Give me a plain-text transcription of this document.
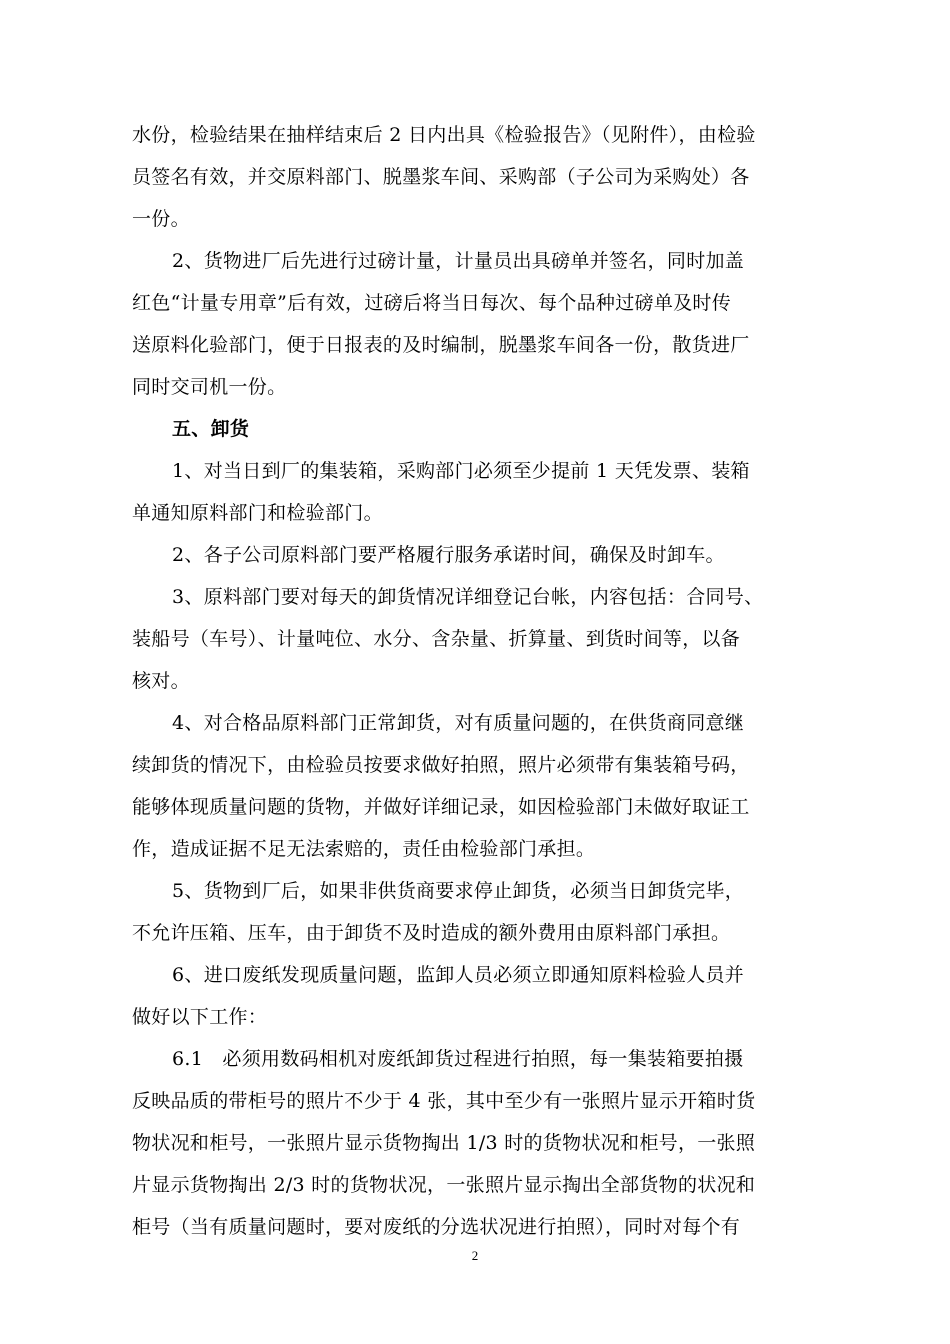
水份，检验结果在抽样结束后 2 日内出具《检验报告》（见附件），由检验
员签名有效，并交原料部门、脱墨浆车间、采购部（子公司为采购处）各
一份。
2、货物进厂后先进行过磅计量，计量员出具磅单并签名，同时加盖
红色“计量专用章”后有效，过磅后将当日每次、每个品种过磅单及时传
送原料化验部门，便于日报表的及时编制，脱墨浆车间各一份，散货进厂
同时交司机一份。
五、卸货
1、对当日到厂的集装箱，采购部门必须至少提前 1 天凭发票、装箱
单通知原料部门和检验部门。
2、各子公司原料部门要严格履行服务承诺时间，确保及时卸车。
3、原料部门要对每天的卸货情况详细登记台帐，内容包括：合同号、
装船号（车号）、计量吨位、水分、含杂量、折算量、到货时间等，以备
核对。
4、对合格品原料部门正常卸货，对有质量问题的，在供货商同意继
续卸货的情况下，由检验员按要求做好拍照，照片必须带有集装箱号码，
能够体现质量问题的货物，并做好详细记录，如因检验部门未做好取证工
作，造成证据不足无法索赔的，责任由检验部门承担。
5、货物到厂后，如果非供货商要求停止卸货，必须当日卸货完毕，
不允许压箱、压车，由于卸货不及时造成的额外费用由原料部门承担。
6、进口废纸发现质量问题，监卸人员必须立即通知原料检验人员并
做好以下工作：
6.1　必须用数码相机对废纸卸货过程进行拍照，每一集装箱要拍摄
反映品质的带柜号的照片不少于 4 张，其中至少有一张照片显示开箱时货
物状况和柜号，一张照片显示货物掏出 1/3 时的货物状况和柜号，一张照
片显示货物掏出 2/3 时的货物状况，一张照片显示掏出全部货物的状况和
柜号（当有质量问题时，要对废纸的分选状况进行拍照），同时对每个有
2
